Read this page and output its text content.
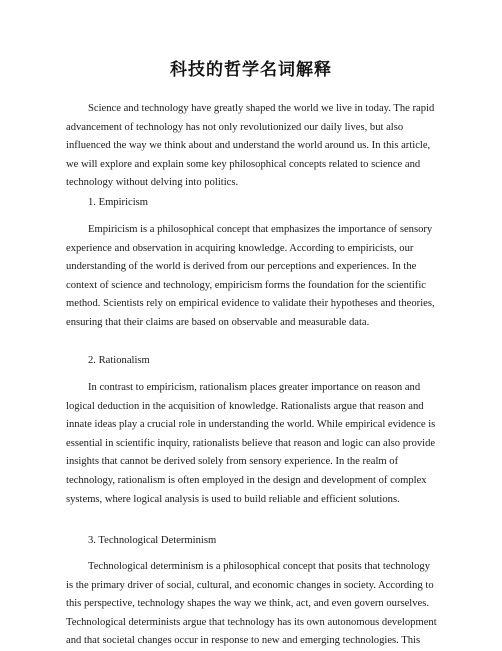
科技的哲学名词解释

Science and technology have greatly shaped the world we live in today. The rapid advancement of technology has not only revolutionized our daily lives, but also influenced the way we think about and understand the world around us. In this article, we will explore and explain some key philosophical concepts related to science and technology without delving into politics.

1. Empiricism

Empiricism is a philosophical concept that emphasizes the importance of sensory experience and observation in acquiring knowledge. According to empiricists, our understanding of the world is derived from our perceptions and experiences. In the context of science and technology, empiricism forms the foundation for the scientific method. Scientists rely on empirical evidence to validate their hypotheses and theories, ensuring that their claims are based on observable and measurable data.

2. Rationalism

In contrast to empiricism, rationalism places greater importance on reason and logical deduction in the acquisition of knowledge. Rationalists argue that reason and innate ideas play a crucial role in understanding the world. While empirical evidence is essential in scientific inquiry, rationalists believe that reason and logic can also provide insights that cannot be derived solely from sensory experience. In the realm of technology, rationalism is often employed in the design and development of complex systems, where logical analysis is used to build reliable and efficient solutions.

3. Technological Determinism

Technological determinism is a philosophical concept that posits that technology is the primary driver of social, cultural, and economic changes in society. According to this perspective, technology shapes the way we think, act, and even govern ourselves. Technological determinists argue that technology has its own autonomous development and that societal changes occur in response to new and emerging technologies. This
